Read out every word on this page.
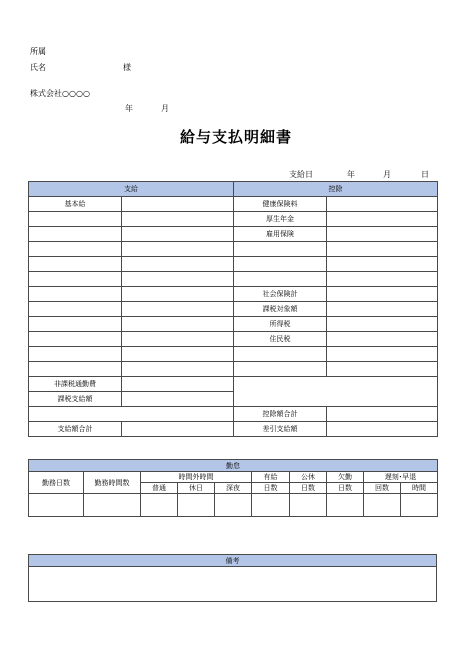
所属
氏名	様
株式会社○○○○
年	月
給与支払明細書
支給日	年	月	日
支給		控除	
基本給		健康保険料	
		厚生年金	
		雇用保険	

		社会保険計	
		課税対象額	
		所得税	
		住民税	

非課税通勤費			
課税支給額			
		控除額合計	
支給額合計		差引支給額	
勤怠									
勤務日数	勤務時間数	時間外時間			有給	公休	欠勤	遅刻･早退	
		普通	休日	深夜	日数	日数	日数	回数	時間

備考
